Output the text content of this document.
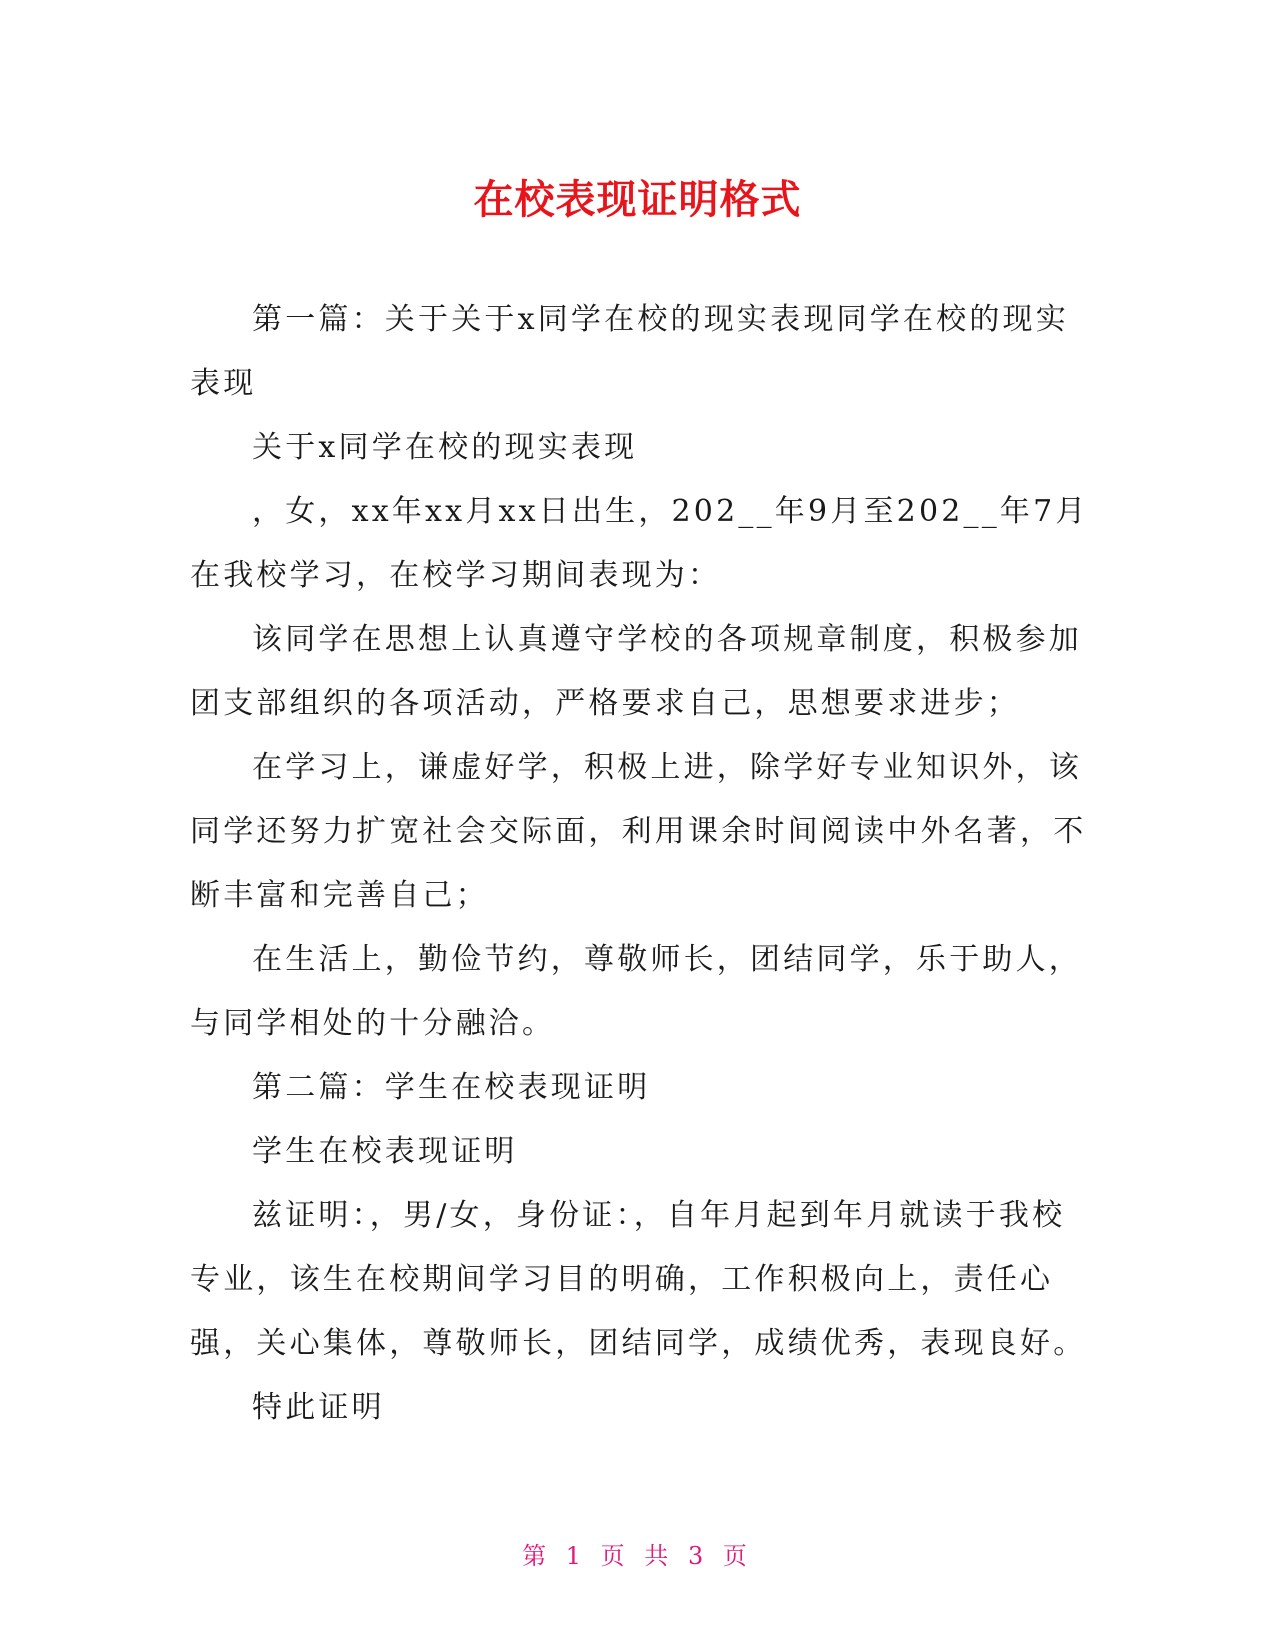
在校表现证明格式

第一篇：关于关于x同学在校的现实表现同学在校的现实表现

关于x同学在校的现实表现

，女，xx年xx月xx日出生，202__年9月至202__年7月在我校学习，在校学习期间表现为：

该同学在思想上认真遵守学校的各项规章制度，积极参加团支部组织的各项活动，严格要求自己，思想要求进步；

在学习上，谦虚好学，积极上进，除学好专业知识外，该同学还努力扩宽社会交际面，利用课余时间阅读中外名著，不断丰富和完善自己；

在生活上，勤俭节约，尊敬师长，团结同学，乐于助人，与同学相处的十分融洽。

第二篇：学生在校表现证明

学生在校表现证明

兹证明：，男/女，身份证：，自年月起到年月就读于我校专业，该生在校期间学习目的明确，工作积极向上，责任心强，关心集体，尊敬师长，团结同学，成绩优秀，表现良好。

特此证明

第 1 页 共 3 页
